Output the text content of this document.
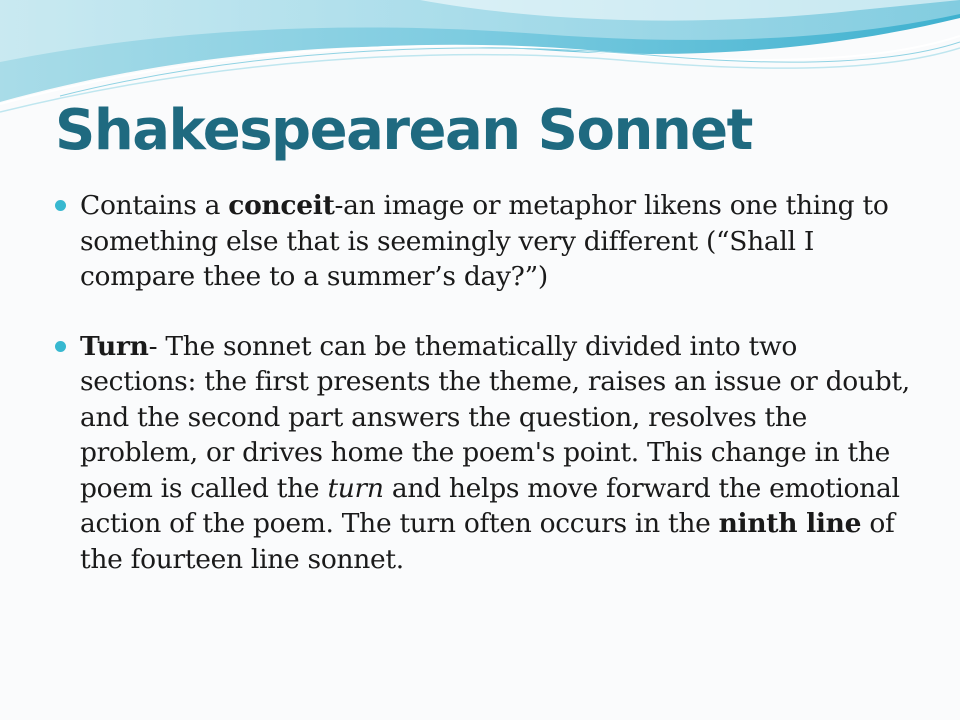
Shakespearean Sonnet
Contains a conceit-an image or metaphor likens one thing to something else that is seemingly very different (“Shall I compare thee to a summer’s day?”)
Turn- The sonnet can be thematically divided into two sections: the first presents the theme, raises an issue or doubt, and the second part answers the question, resolves the problem, or drives home the poem's point. This change in the poem is called the turn and helps move forward the emotional action of the poem. The turn often occurs in the ninth line of the fourteen line sonnet.
